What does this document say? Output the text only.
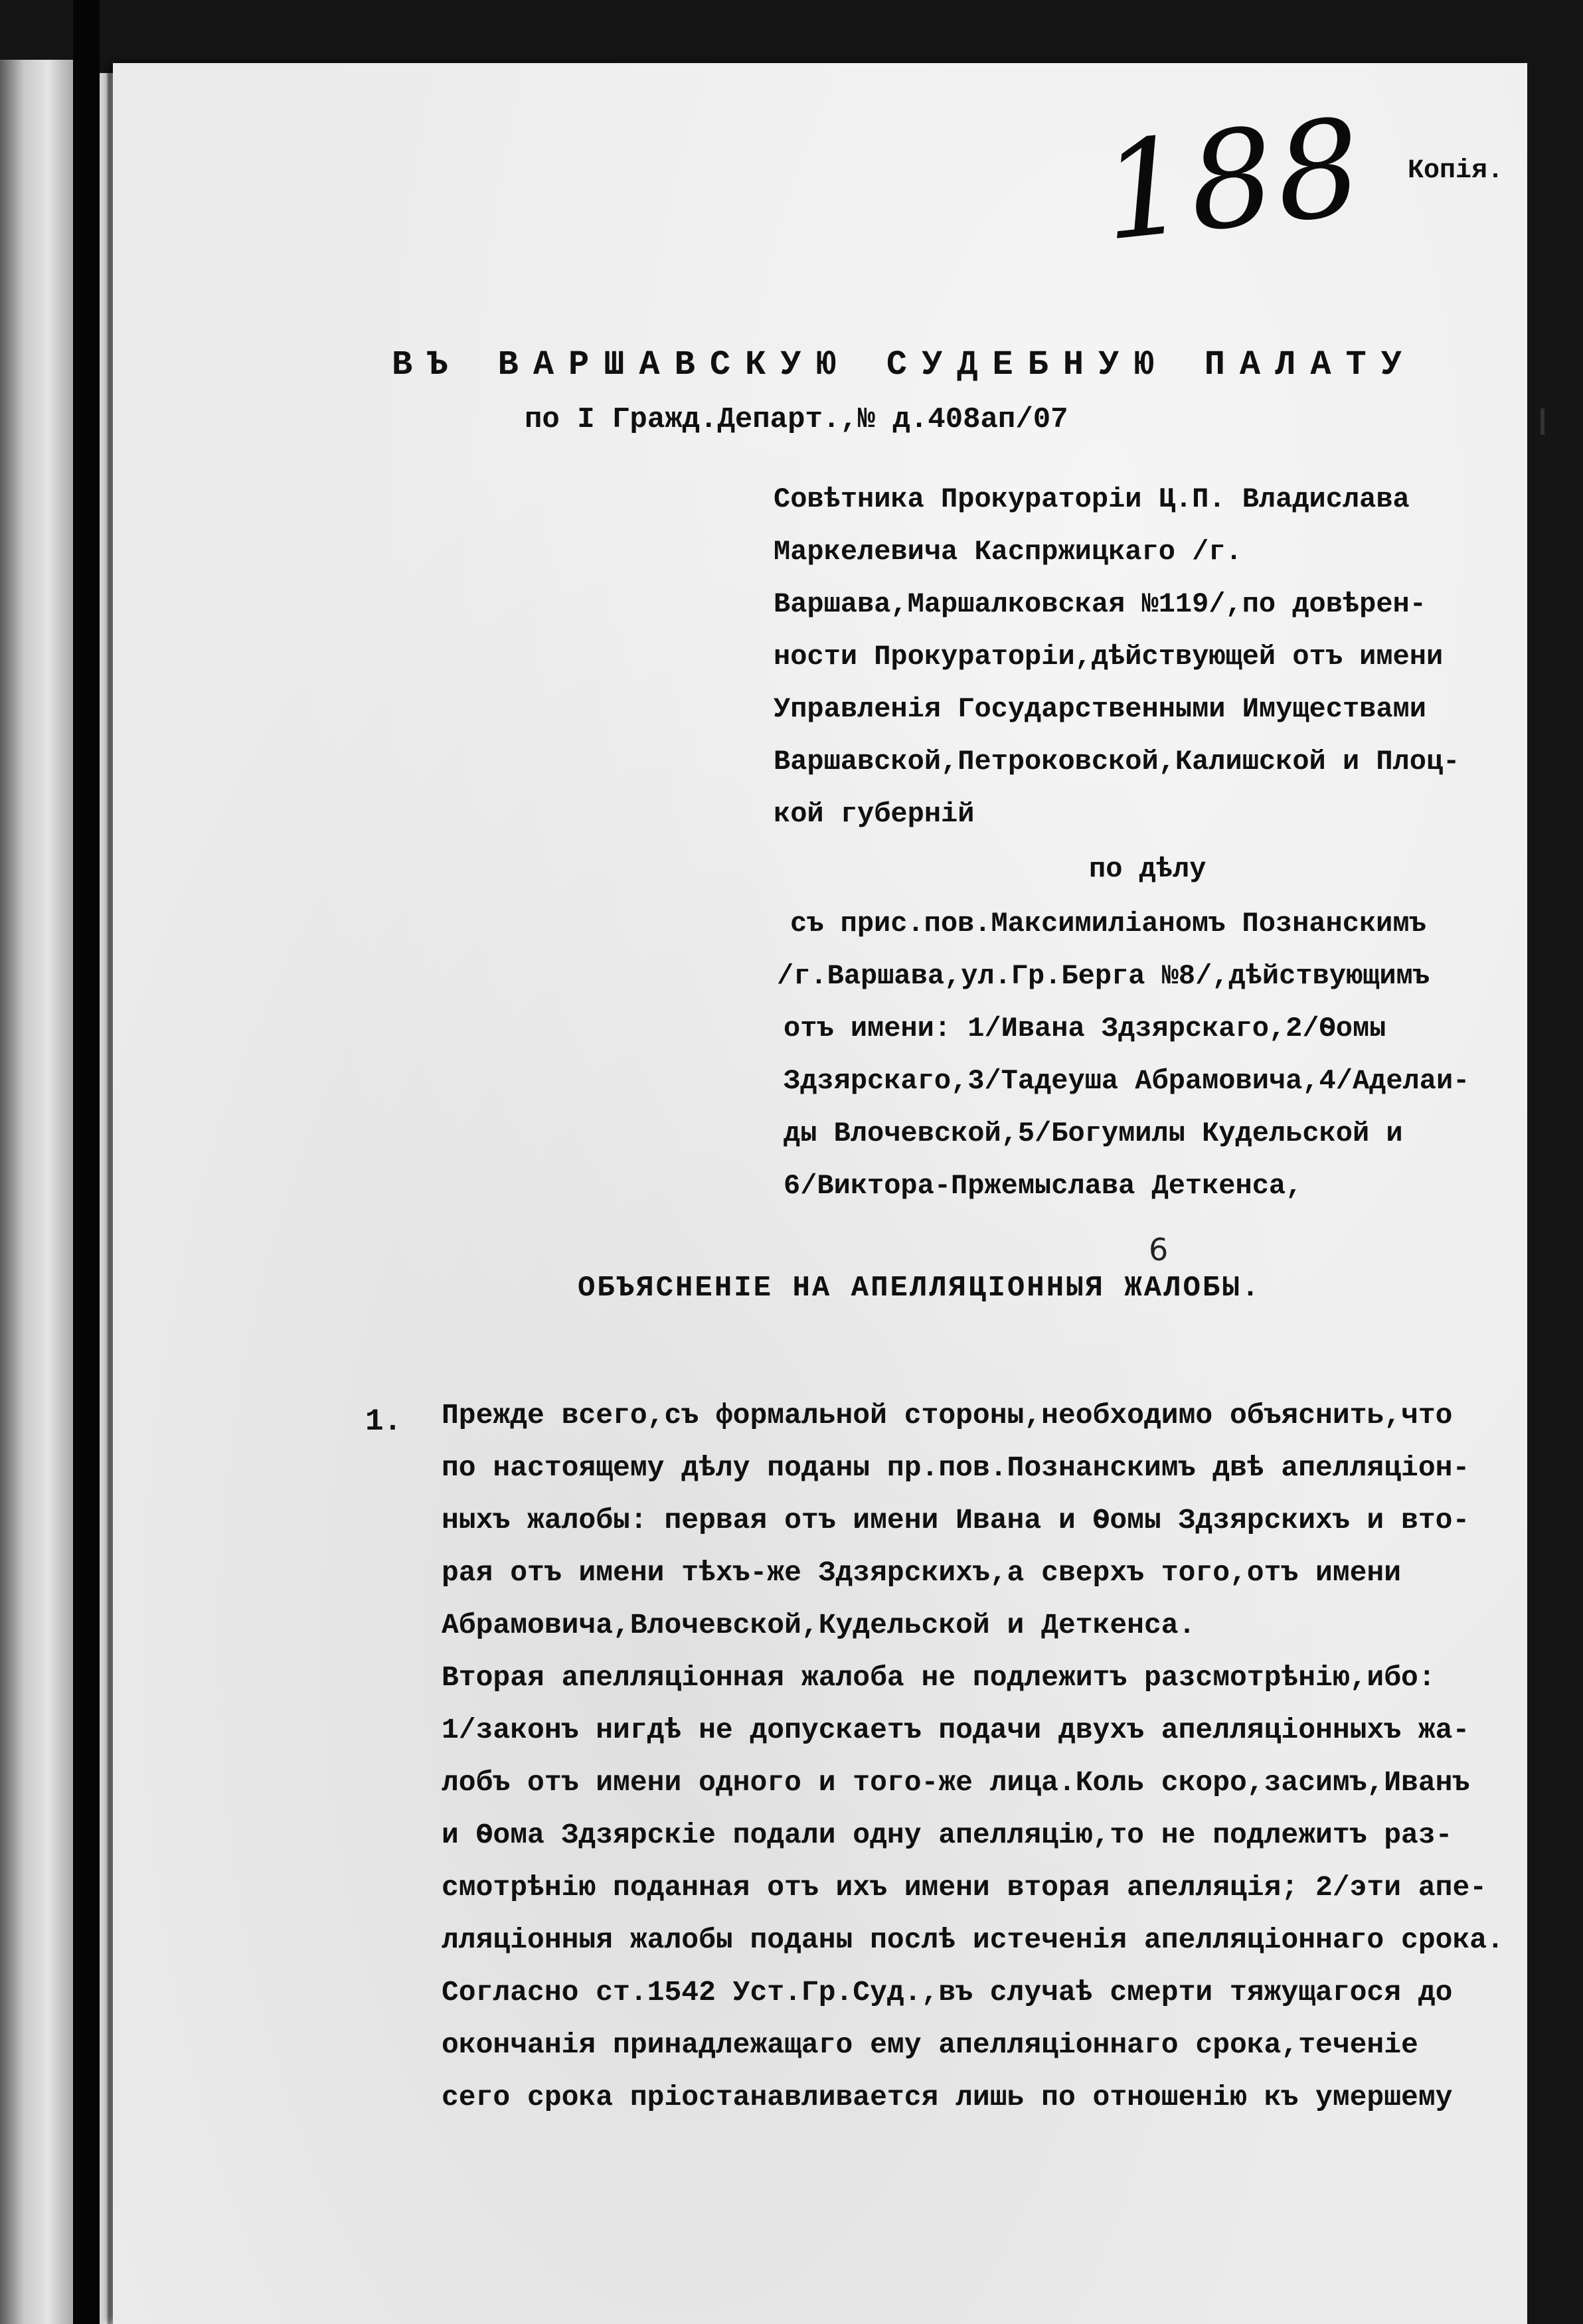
188 Копія.
ВЪ ВАРШАВСКУЮ СУДЕБНУЮ ПАЛАТУ
по I Гражд.Департ.,№ д.408ап/07
Совѣтника Прокураторіи Ц.П. Владислава
Маркелевича Каспржицкаго /г.
Варшава,Маршалковская №119/,по довѣрен-
ности Прокураторіи,дѣйствующей отъ имени
Управленія Государственными Имуществами
Варшавской,Петроковской,Калишской и Плоц-
кой губерній
по дѣлу
съ прис.пов.Максимиліаномъ Познанскимъ
/г.Варшава,ул.Гр.Берга №8/,дѣйствующимъ
отъ имени: 1/Ивана Здзярскаго,2/Ѳомы
Здзярскаго,3/Тадеуша Абрамовича,4/Аделаи-
ды Влочевской,5/Богумилы Кудельской и
6/Виктора-Пржемыслава Деткенса,
6
ОБЪЯСНЕНІЕ НА АПЕЛЛЯЦІОННЫЯ ЖАЛОБЫ.
1. Прежде всего,съ формальной стороны,необходимо объяснить,что
по настоящему дѣлу поданы пр.пов.Познанскимъ двѣ апелляціон-
ныхъ жалобы: первая отъ имени Ивана и Ѳомы Здзярскихъ и вто-
рая отъ имени тѣхъ-же Здзярскихъ,а сверхъ того,отъ имени
Абрамовича,Влочевской,Кудельской и Деткенса.
Вторая апелляціонная жалоба не подлежитъ разсмотрѣнію,ибо:
1/законъ нигдѣ не допускаетъ подачи двухъ апелляціонныхъ жа-
лобъ отъ имени одного и того-же лица.Коль скоро,засимъ,Иванъ
и Ѳома Здзярскіе подали одну апелляцію,то не подлежитъ раз-
смотрѣнію поданная отъ ихъ имени вторая апелляція; 2/эти апе-
лляціонныя жалобы поданы послѣ истеченія апелляціоннаго срока.
Согласно ст.1542 Уст.Гр.Суд.,въ случаѣ смерти тяжущагося до
окончанія принадлежащаго ему апелляціоннаго срока,теченіе
сего срока пріостанавливается лишь по отношенію къ умершему
